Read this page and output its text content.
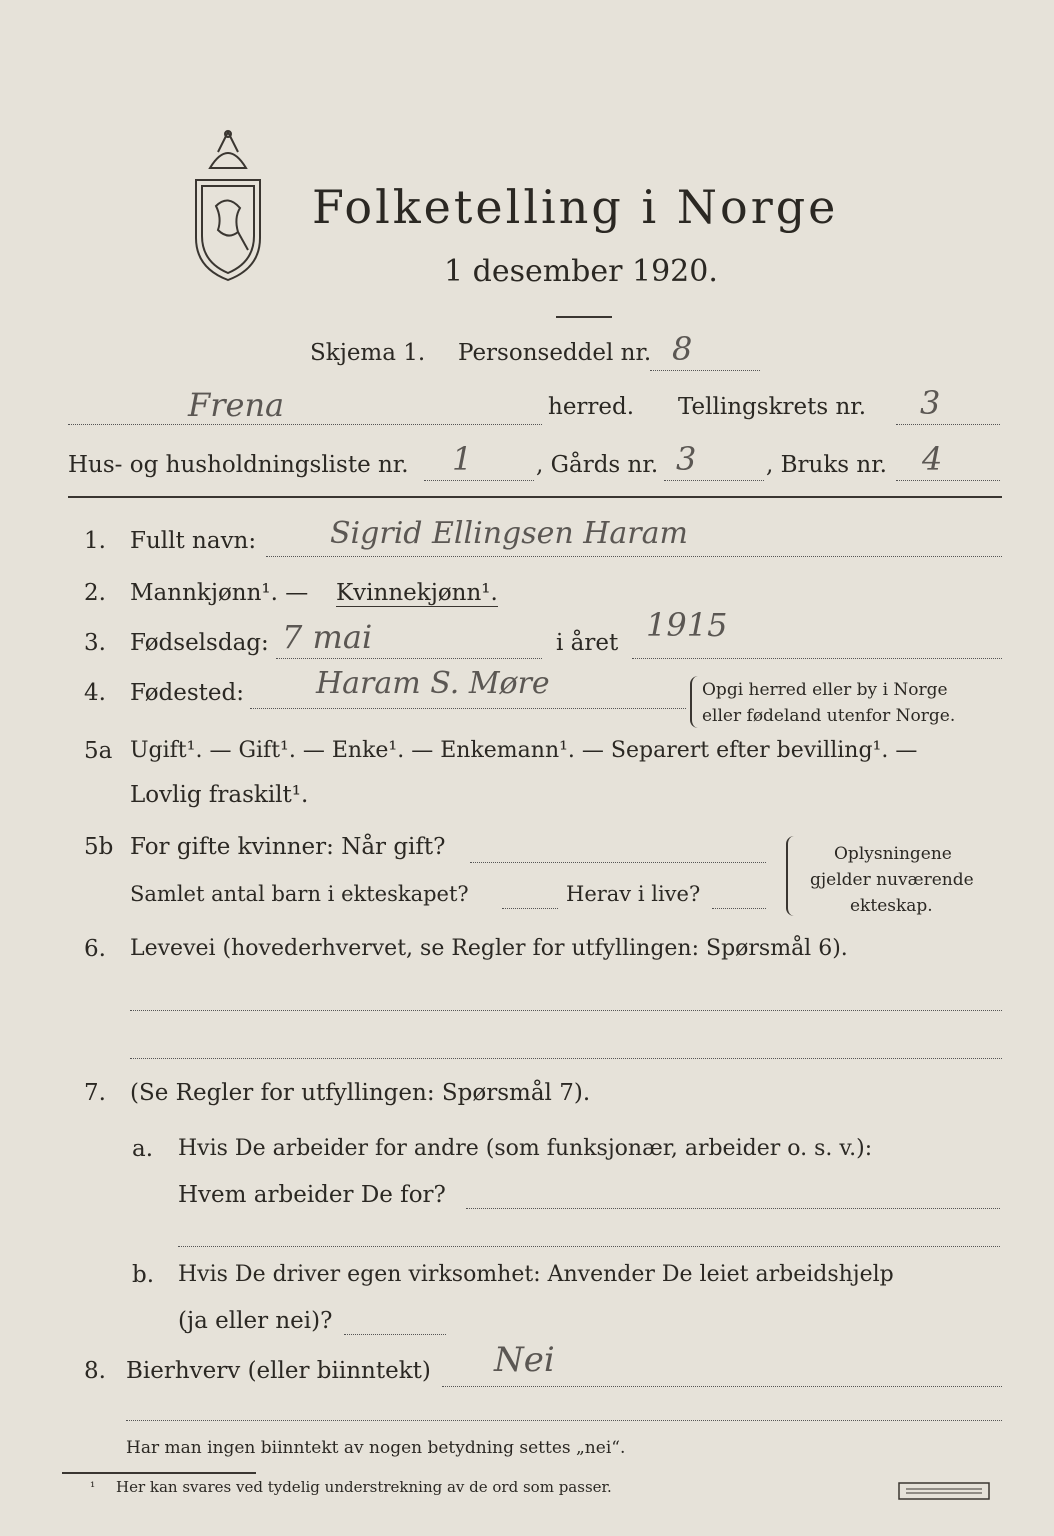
Folketelling i Norge
1 desember 1920.
Skjema 1. Personseddel nr. 8
Frena	herred. Tellingskrets nr. 3
Hus- og husholdningsliste nr. 1	, Gårds nr. 3	, Bruks nr. 4
1. Fullt navn: Sigrid Ellingsen Haram
2. Mannkjønn¹. — Kvinnekjønn¹.
3. Fødselsdag: 7 mai	i året 1915
4. Fødested: Haram S. Møre	Opgi herred eller by i Norge
eller fødeland utenfor Norge.
5a Ugift¹. — Gift¹. — Enke¹. — Enkemann¹. — Separert efter bevilling¹. —
Lovlig fraskilt¹.
5b For gifte kvinner: Når gift?
Samlet antal barn i ekteskapet?	Herav i live?
Oplysningene
gjelder nuværende
ekteskap.
6. Levevei (hovederhvervet, se Regler for utfyllingen: Spørsmål 6).
7. (Se Regler for utfyllingen: Spørsmål 7).
a. Hvis De arbeider for andre (som funksjonær, arbeider o. s. v.):
Hvem arbeider De for?
b. Hvis De driver egen virksomhet: Anvender De leiet arbeidshjelp
(ja eller nei)?
8. Bierhverv (eller biinntekt) Nei
Har man ingen biinntekt av nogen betydning settes „nei“.
¹ Her kan svares ved tydelig understrekning av de ord som passer.
